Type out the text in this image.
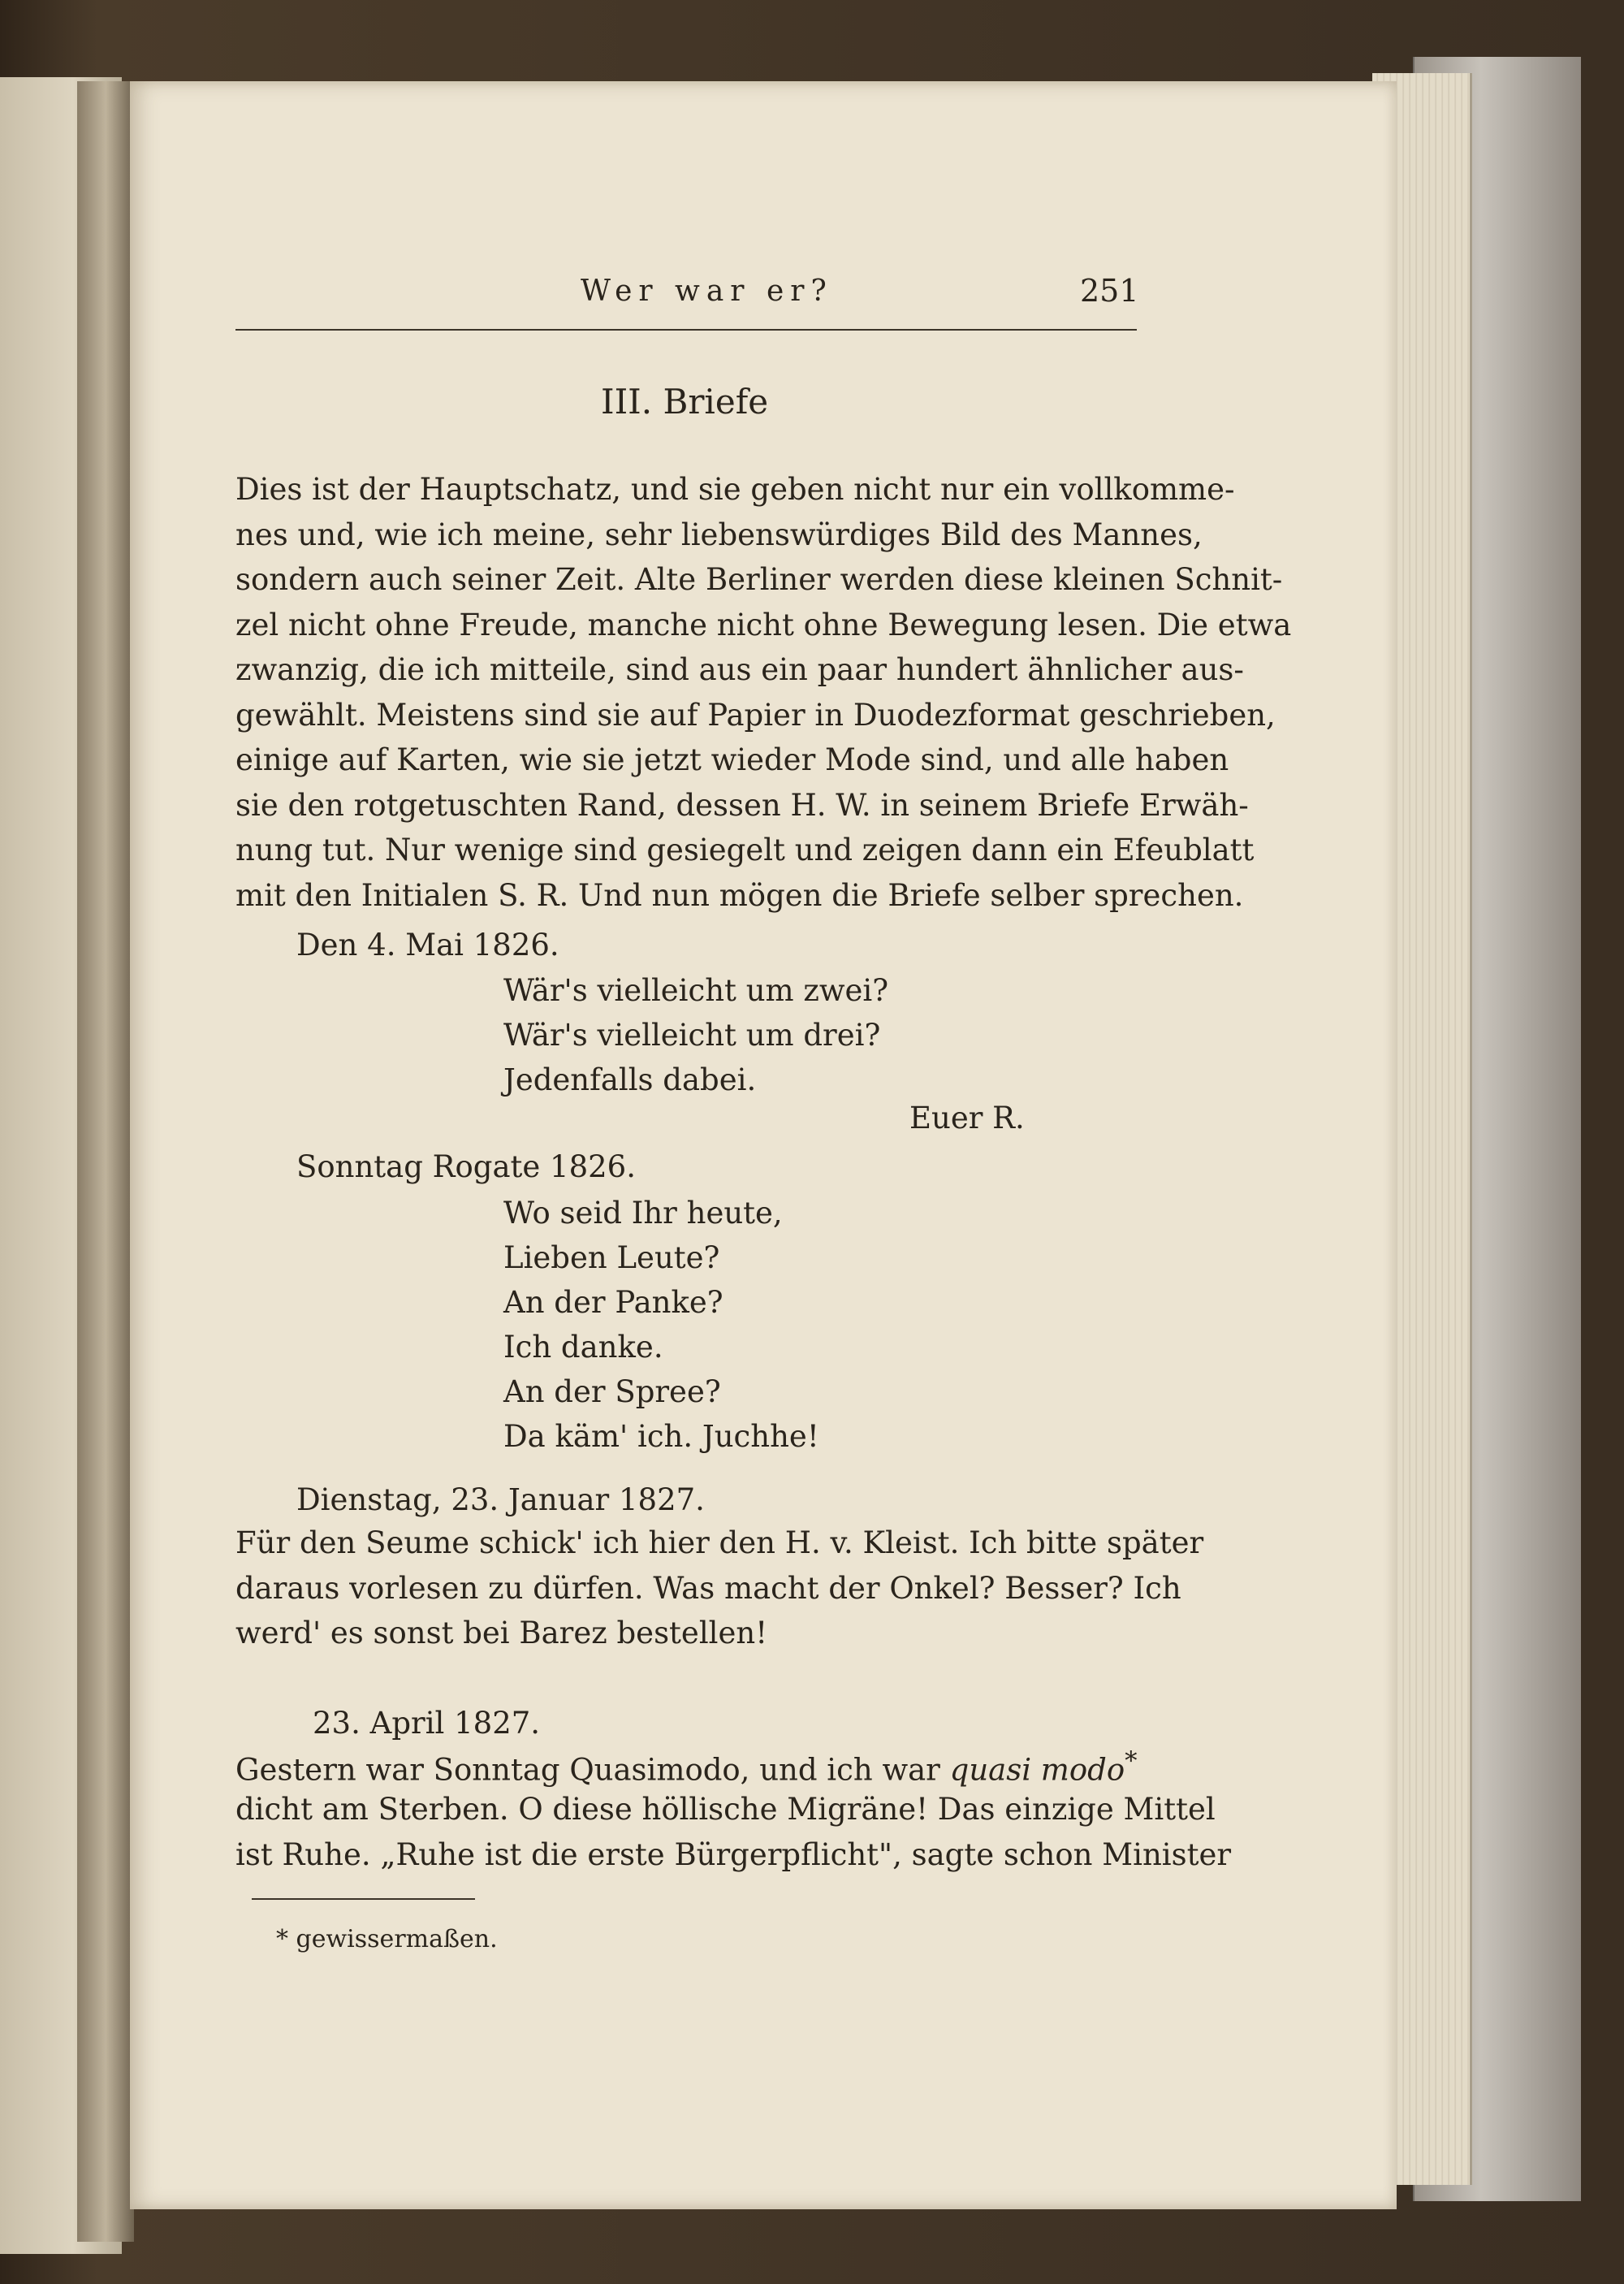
Wer war er?	251
III. Briefe
Dies ist der Hauptschatz, und sie geben nicht nur ein vollkomme-
nes und, wie ich meine, sehr liebenswürdiges Bild des Mannes,
sondern auch seiner Zeit. Alte Berliner werden diese kleinen Schnit-
zel nicht ohne Freude, manche nicht ohne Bewegung lesen. Die etwa
zwanzig, die ich mitteile, sind aus ein paar hundert ähnlicher aus-
gewählt. Meistens sind sie auf Papier in Duodezformat geschrieben,
einige auf Karten, wie sie jetzt wieder Mode sind, und alle haben
sie den rotgetuschten Rand, dessen H. W. in seinem Briefe Erwäh-
nung tut. Nur wenige sind gesiegelt und zeigen dann ein Efeublatt
mit den Initialen S. R. Und nun mögen die Briefe selber sprechen.
Den 4. Mai 1826.
Wär's vielleicht um zwei?
Wär's vielleicht um drei?
Jedenfalls dabei.
Euer R.
Sonntag Rogate 1826.
Wo seid Ihr heute,
Lieben Leute?
An der Panke?
Ich danke.
An der Spree?
Da käm' ich. Juchhe!
Dienstag, 23. Januar 1827.
Für den Seume schick' ich hier den H. v. Kleist. Ich bitte später
daraus vorlesen zu dürfen. Was macht der Onkel? Besser? Ich
werd' es sonst bei Barez bestellen!
23. April 1827.
Gestern war Sonntag Quasimodo, und ich war quasi modo*
dicht am Sterben. O diese höllische Migräne! Das einzige Mittel
ist Ruhe. „Ruhe ist die erste Bürgerpflicht", sagte schon Minister
* gewissermaßen.
